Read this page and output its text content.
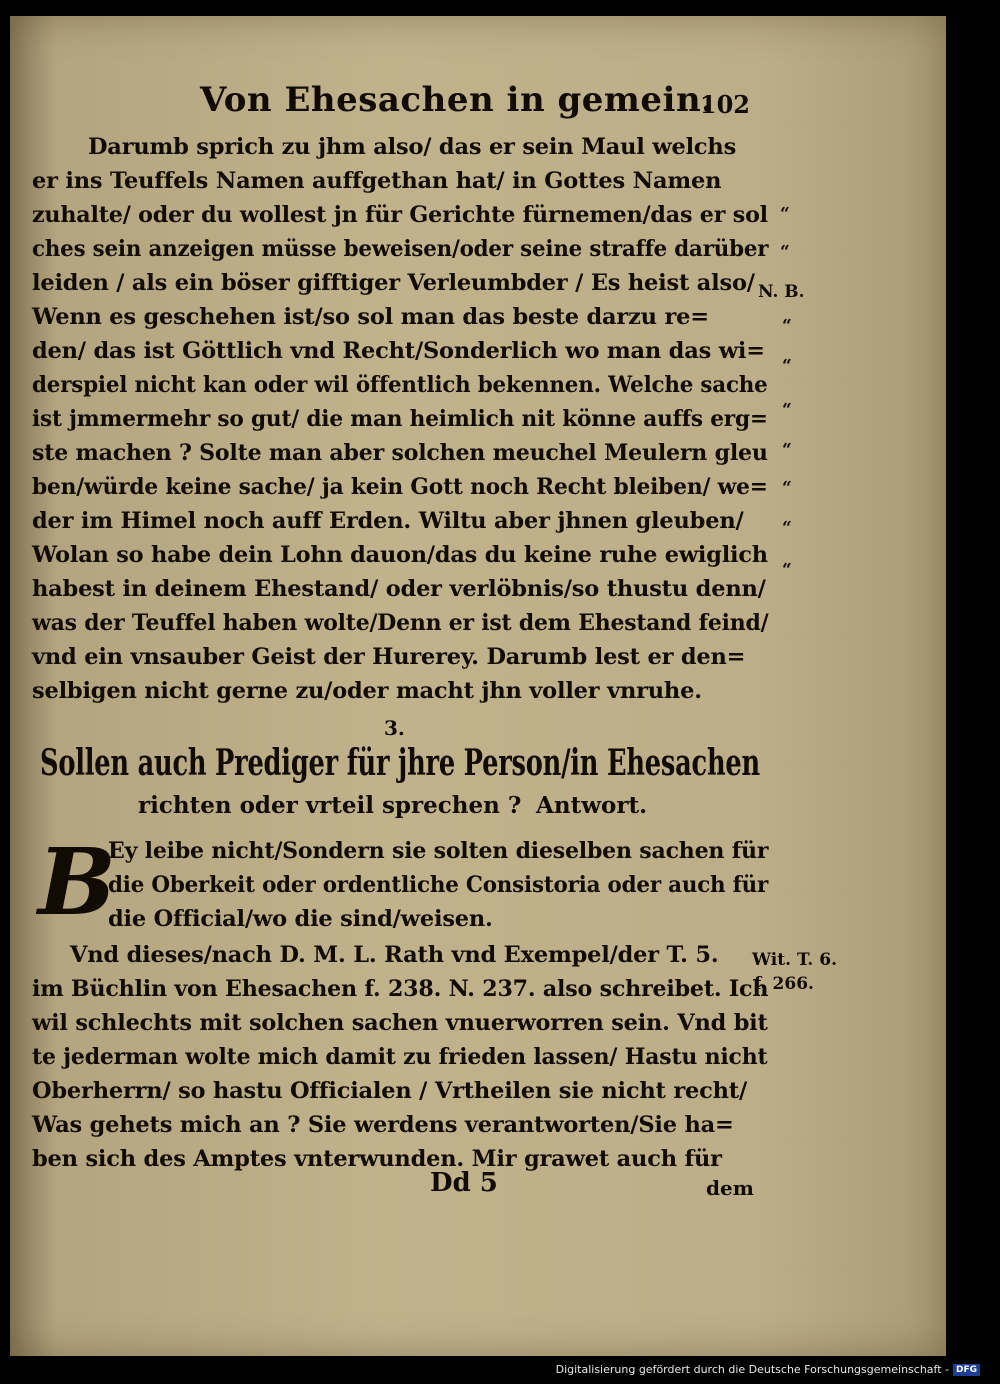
Von Ehesachen in gemein.
102
Darumb sprich zu jhm also/ das er sein Maul welchs
er ins Teuffels Namen auffgethan hat/ in Gottes Namen
zuhalte/ oder du wollest jn für Gerichte fürnemen/das er sol
ches sein anzeigen müsse beweisen/oder seine straffe darüber
leiden / als ein böser gifftiger Verleumbder / Es heist also/
Wenn es geschehen ist/so sol man das beste darzu re=
den/ das ist Göttlich vnd Recht/Sonderlich wo man das wi=
derspiel nicht kan oder wil öffentlich bekennen. Welche sache
ist jmmermehr so gut/ die man heimlich nit könne auffs erg=
ste machen ? Solte man aber solchen meuchel Meulern gleu
ben/würde keine sache/ ja kein Gott noch Recht bleiben/ we=
der im Himel noch auff Erden. Wiltu aber jhnen gleuben/
Wolan so habe dein Lohn dauon/das du keine ruhe ewiglich
habest in deinem Ehestand/ oder verlöbnis/so thustu denn/
was der Teuffel haben wolte/Denn er ist dem Ehestand feind/
vnd ein vnsauber Geist der Hurerey. Darumb lest er den=
selbigen nicht gerne zu/oder macht jhn voller vnruhe.
“
“
N. B.
“
“
“
“
“
“
“
3.
Sollen auch Prediger für jhre Person/in Ehesachen
richten oder vrteil sprechen ? Antwort.
B
Ey leibe nicht/Sondern sie solten dieselben sachen für
die Oberkeit oder ordentliche Consistoria oder auch für
die Official/wo die sind/weisen.
Vnd dieses/nach D. M. L. Rath vnd Exempel/der T. 5.
im Büchlin von Ehesachen f. 238. N. 237. also schreibet. Ich
wil schlechts mit solchen sachen vnuerworren sein. Vnd bit
te jederman wolte mich damit zu frieden lassen/ Hastu nicht
Oberherrn/ so hastu Officialen / Vrtheilen sie nicht recht/
Was gehets mich an ? Sie werdens verantworten/Sie ha=
ben sich des Amptes vnterwunden. Mir grawet auch für
Wit. T. 6.
f. 266.
Dd 5	dem
Digitalisierung gefördert durch die Deutsche Forschungsgemeinschaft - DFG
